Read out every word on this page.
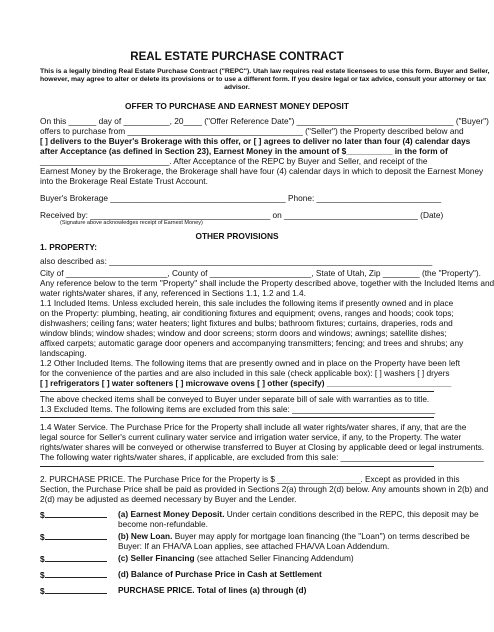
REAL ESTATE PURCHASE CONTRACT
This is a legally binding Real Estate Purchase Contract ("REPC"). Utah law requires real estate licensees to use this form. Buyer and Seller,
however, may agree to alter or delete its provisions or to use a different form. If you desire legal or tax advice, consult your attorney or tax
advisor.
OFFER TO PURCHASE AND EARNEST MONEY DEPOSIT
On this ______ day of __________, 20____ ("Offer Reference Date") __________________________________ ("Buyer")
offers to purchase from ______________________________________ ("Seller") the Property described below and
[ ] delivers to the Buyer's Brokerage with this offer, or [ ] agrees to deliver no later than four (4) calendar days
after Acceptance (as defined in Section 23), Earnest Money in the amount of $__________ in the form of
____________________________. After Acceptance of the REPC by Buyer and Seller, and receipt of the
Earnest Money by the Brokerage, the Brokerage shall have four (4) calendar days in which to deposit the Earnest Money
into the Brokerage Real Estate Trust Account.
Buyer's Brokerage ______________________________________ Phone: ___________________________
Received by: _______________________________________ on _____________________________ (Date)
(Signature above acknowledges receipt of Earnest Money)
OTHER PROVISIONS
1. PROPERTY:
also described as: ______________________________________________________________________
City of ______________________, County of ______________________, State of Utah, Zip ________ (the "Property").
Any reference below to the term "Property" shall include the Property described above, together with the Included Items and
water rights/water shares, if any, referenced in Sections 1.1, 1.2 and 1.4.
1.1 Included Items. Unless excluded herein, this sale includes the following items if presently owned and in place
on the Property: plumbing, heating, air conditioning fixtures and equipment; ovens, ranges and hoods; cook tops;
dishwashers; ceiling fans; water heaters; light fixtures and bulbs; bathroom fixtures; curtains, draperies, rods and
window blinds; window shades; window and door screens; storm doors and windows; awnings; satellite dishes;
affixed carpets; automatic garage door openers and accompanying transmitters; fencing; and trees and shrubs; any
landscaping.
1.2 Other Included Items. The following items that are presently owned and in place on the Property have been left
for the convenience of the parties and are also included in this sale (check applicable box): [ ] washers [ ] dryers
[ ] refrigerators [ ] water softeners [ ] microwave ovens [ ] other (specify) ___________________________
The above checked items shall be conveyed to Buyer under separate bill of sale with warranties as to title.
1.3 Excluded Items. The following items are excluded from this sale: _______________________________
1.4 Water Service. The Purchase Price for the Property shall include all water rights/water shares, if any, that are the
legal source for Seller's current culinary water service and irrigation water service, if any, to the Property. The water
rights/water shares will be conveyed or otherwise transferred to Buyer at Closing by applicable deed or legal instruments.
The following water rights/water shares, if applicable, are excluded from this sale: _______________________________
2. PURCHASE PRICE. The Purchase Price for the Property is $ __________________. Except as provided in this
Section, the Purchase Price shall be paid as provided in Sections 2(a) through 2(d) below. Any amounts shown in 2(b) and
2(d) may be adjusted as deemed necessary by Buyer and the Lender.
$	(a) Earnest Money Deposit. Under certain conditions described in the REPC, this deposit may be
become non-refundable.
$	(b) New Loan. Buyer may apply for mortgage loan financing (the "Loan") on terms described be
Buyer: If an FHA/VA Loan applies, see attached FHA/VA Loan Addendum.
$	(c) Seller Financing (see attached Seller Financing Addendum)
$	(d) Balance of Purchase Price in Cash at Settlement
$	PURCHASE PRICE. Total of lines (a) through (d)
